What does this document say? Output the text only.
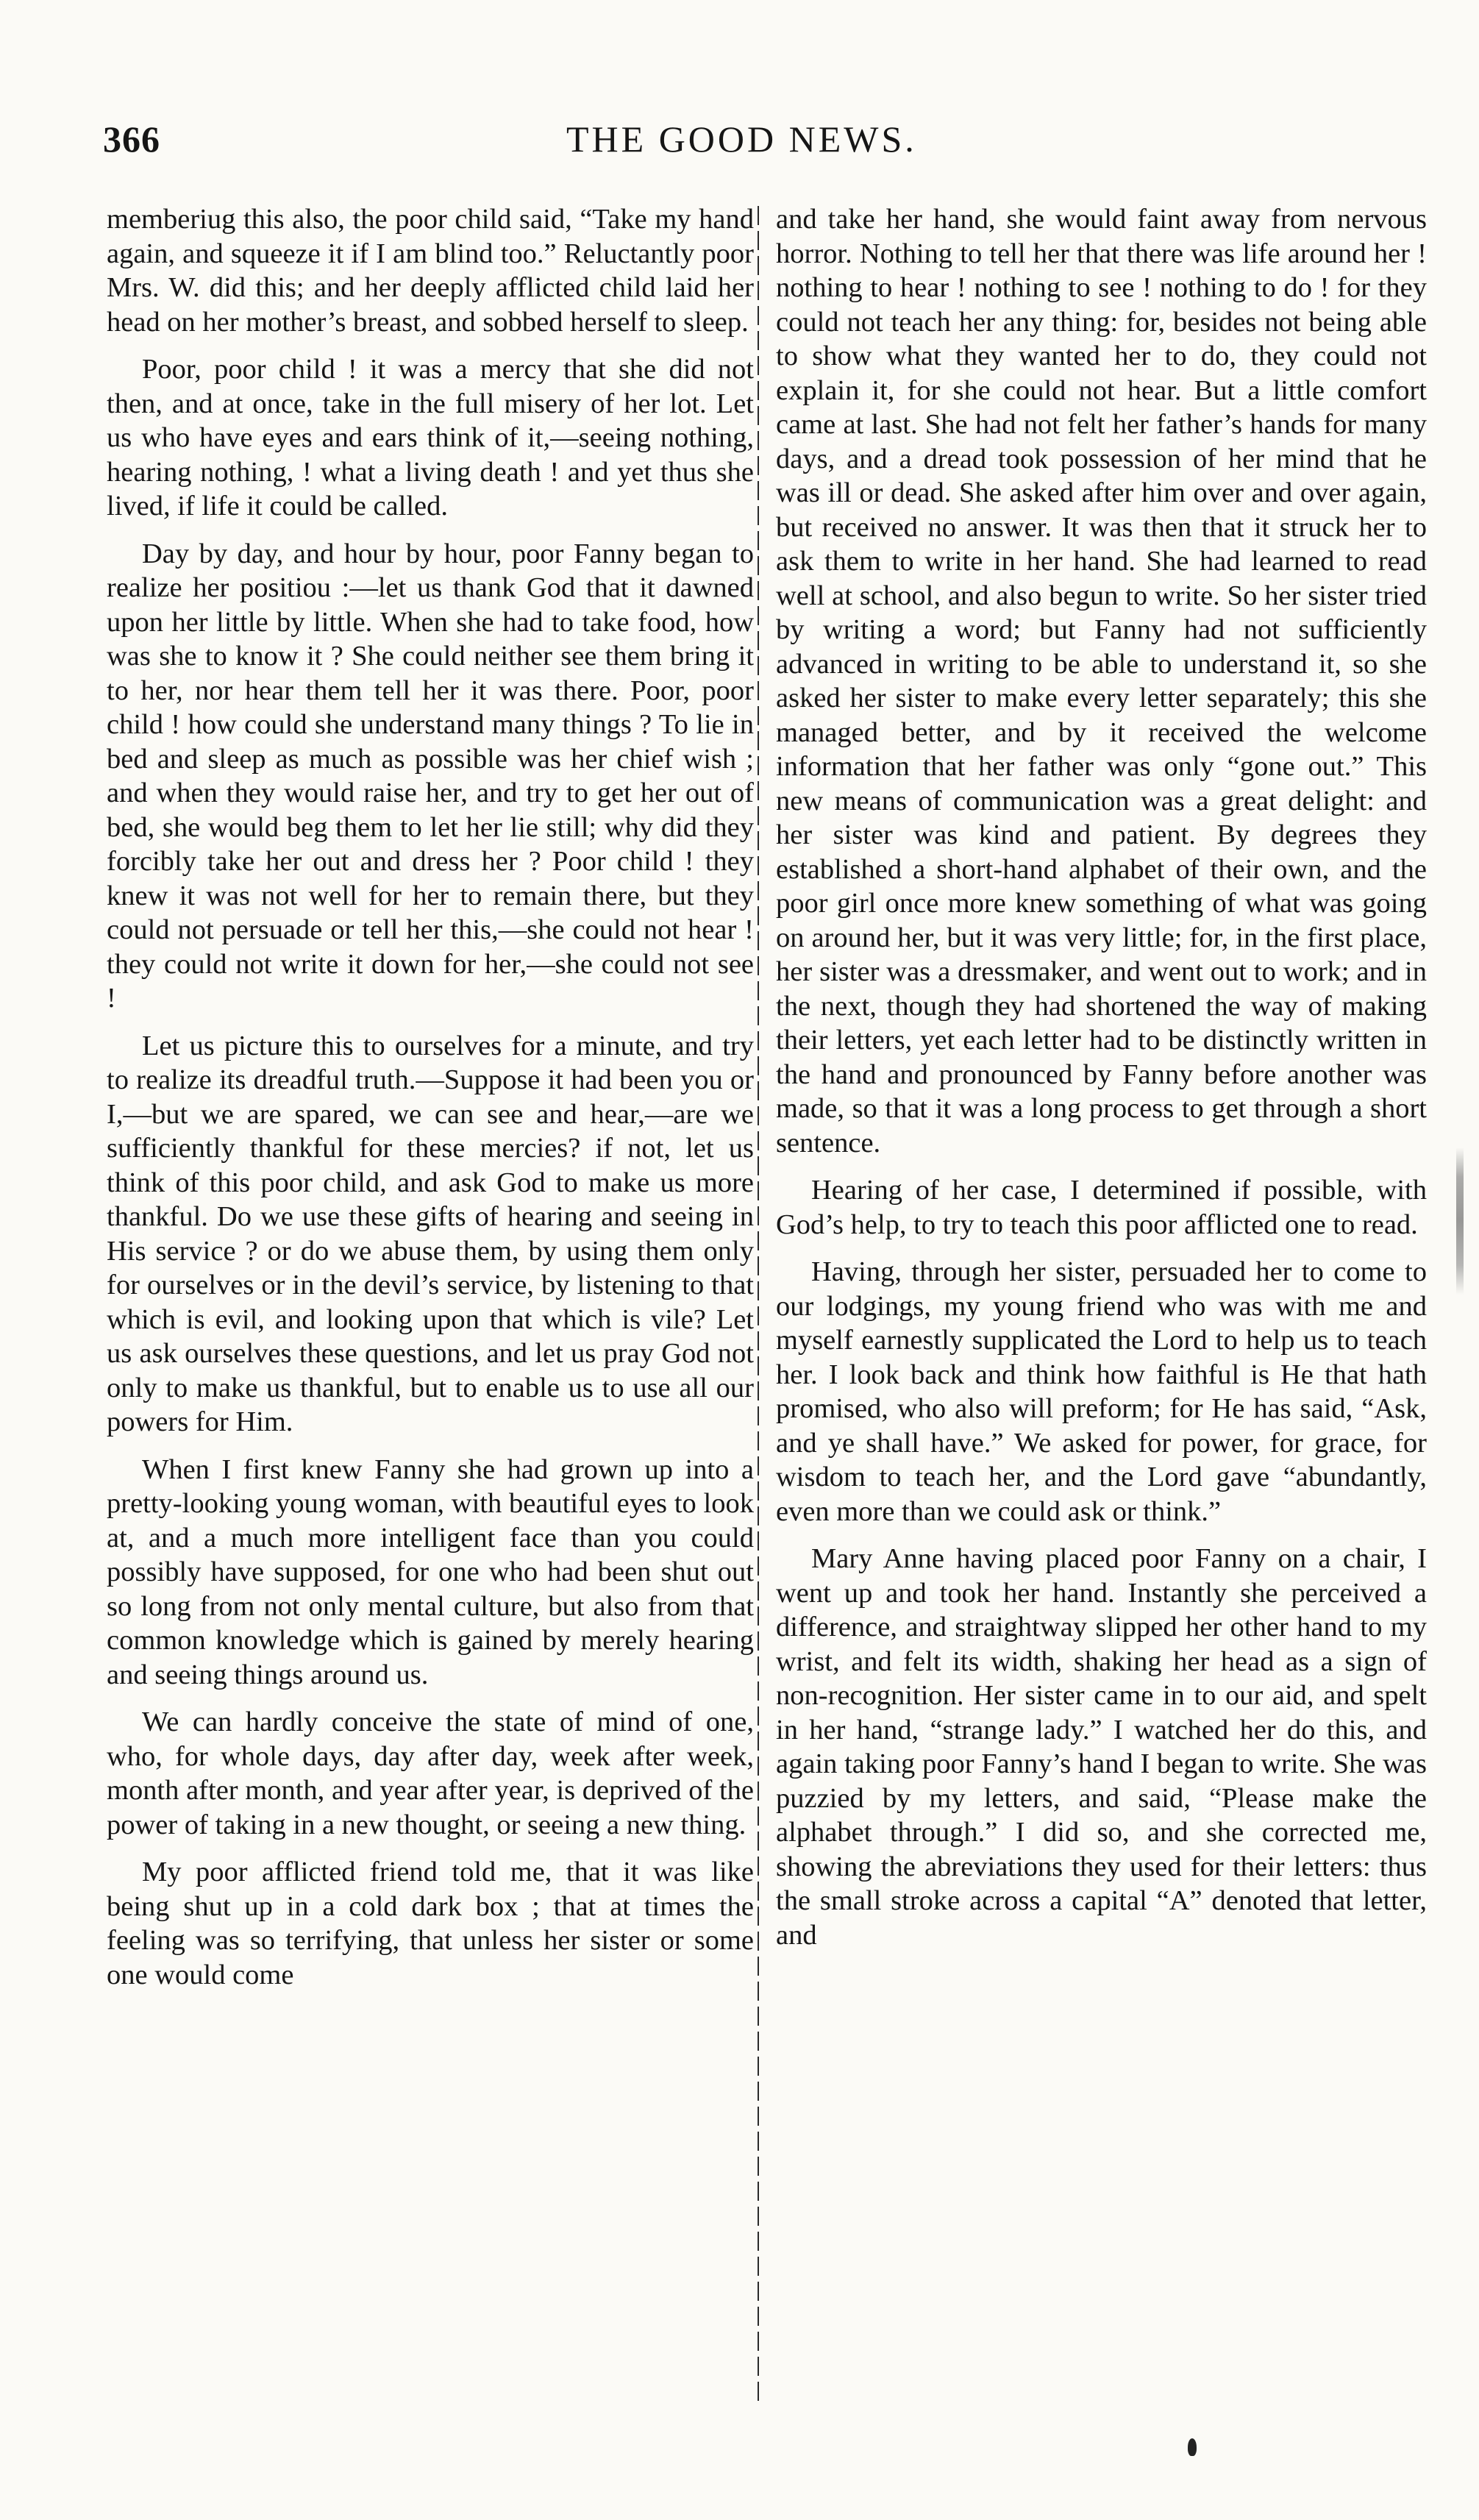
366	THE GOOD NEWS.

memberiug this also, the poor child said, “Take my hand again, and squeeze it if I am blind too.” Reluctantly poor Mrs. W. did this; and her deeply afflicted child laid her head on her mother’s breast, and sobbed herself to sleep.

Poor, poor child ! it was a mercy that she did not then, and at once, take in the full misery of her lot. Let us who have eyes and ears think of it,—seeing nothing, hearing nothing, ! what a living death ! and yet thus she lived, if life it could be called.

Day by day, and hour by hour, poor Fanny began to realize her positiou :—let us thank God that it dawned upon her little by little. When she had to take food, how was she to know it ? She could neither see them bring it to her, nor hear them tell her it was there. Poor, poor child ! how could she understand many things ? To lie in bed and sleep as much as possible was her chief wish ; and when they would raise her, and try to get her out of bed, she would beg them to let her lie still; why did they forcibly take her out and dress her ? Poor child ! they knew it was not well for her to remain there, but they could not persuade or tell her this,—she could not hear ! they could not write it down for her,—she could not see !

Let us picture this to ourselves for a minute, and try to realize its dreadful truth.—Suppose it had been you or I,—but we are spared, we can see and hear,—are we sufficiently thankful for these mercies? if not, let us think of this poor child, and ask God to make us more thankful. Do we use these gifts of hearing and seeing in His service ? or do we abuse them, by using them only for ourselves or in the devil’s service, by listening to that which is evil, and looking upon that which is vile? Let us ask ourselves these questions, and let us pray God not only to make us thankful, but to enable us to use all our powers for Him.

When I first knew Fanny she had grown up into a pretty-looking young woman, with beautiful eyes to look at, and a much more intelligent face than you could possibly have supposed, for one who had been shut out so long from not only mental culture, but also from that common knowledge which is gained by merely hearing and seeing things around us.

We can hardly conceive the state of mind of one, who, for whole days, day after day, week after week, month after month, and year after year, is deprived of the power of taking in a new thought, or seeing a new thing.

My poor afflicted friend told me, that it was like being shut up in a cold dark box ; that at times the feeling was so terrifying, that unless her sister or some one would come

and take her hand, she would faint away from nervous horror. Nothing to tell her that there was life around her ! nothing to hear ! nothing to see ! nothing to do ! for they could not teach her any thing: for, besides not being able to show what they wanted her to do, they could not explain it, for she could not hear. But a little comfort came at last. She had not felt her father’s hands for many days, and a dread took possession of her mind that he was ill or dead. She asked after him over and over again, but received no answer. It was then that it struck her to ask them to write in her hand. She had learned to read well at school, and also begun to write. So her sister tried by writing a word; but Fanny had not sufficiently advanced in writing to be able to understand it, so she asked her sister to make every letter separately; this she managed better, and by it received the welcome information that her father was only “gone out.” This new means of communication was a great delight: and her sister was kind and patient. By degrees they established a short-hand alphabet of their own, and the poor girl once more knew something of what was going on around her, but it was very little; for, in the first place, her sister was a dressmaker, and went out to work; and in the next, though they had shortened the way of making their letters, yet each letter had to be distinctly written in the hand and pronounced by Fanny before another was made, so that it was a long process to get through a short sentence.

Hearing of her case, I determined if possible, with God’s help, to try to teach this poor afflicted one to read.

Having, through her sister, persuaded her to come to our lodgings, my young friend who was with me and myself earnestly supplicated the Lord to help us to teach her. I look back and think how faithful is He that hath promised, who also will preform; for He has said, “Ask, and ye shall have.” We asked for power, for grace, for wisdom to teach her, and the Lord gave “abundantly, even more than we could ask or think.”

Mary Anne having placed poor Fanny on a chair, I went up and took her hand. Instantly she perceived a difference, and straightway slipped her other hand to my wrist, and felt its width, shaking her head as a sign of non-recognition. Her sister came in to our aid, and spelt in her hand, “strange lady.” I watched her do this, and again taking poor Fanny’s hand I began to write. She was puzzied by my letters, and said, “Please make the alphabet through.” I did so, and she corrected me, showing the abreviations they used for their letters: thus the small stroke across a capital “A” denoted that letter, and
